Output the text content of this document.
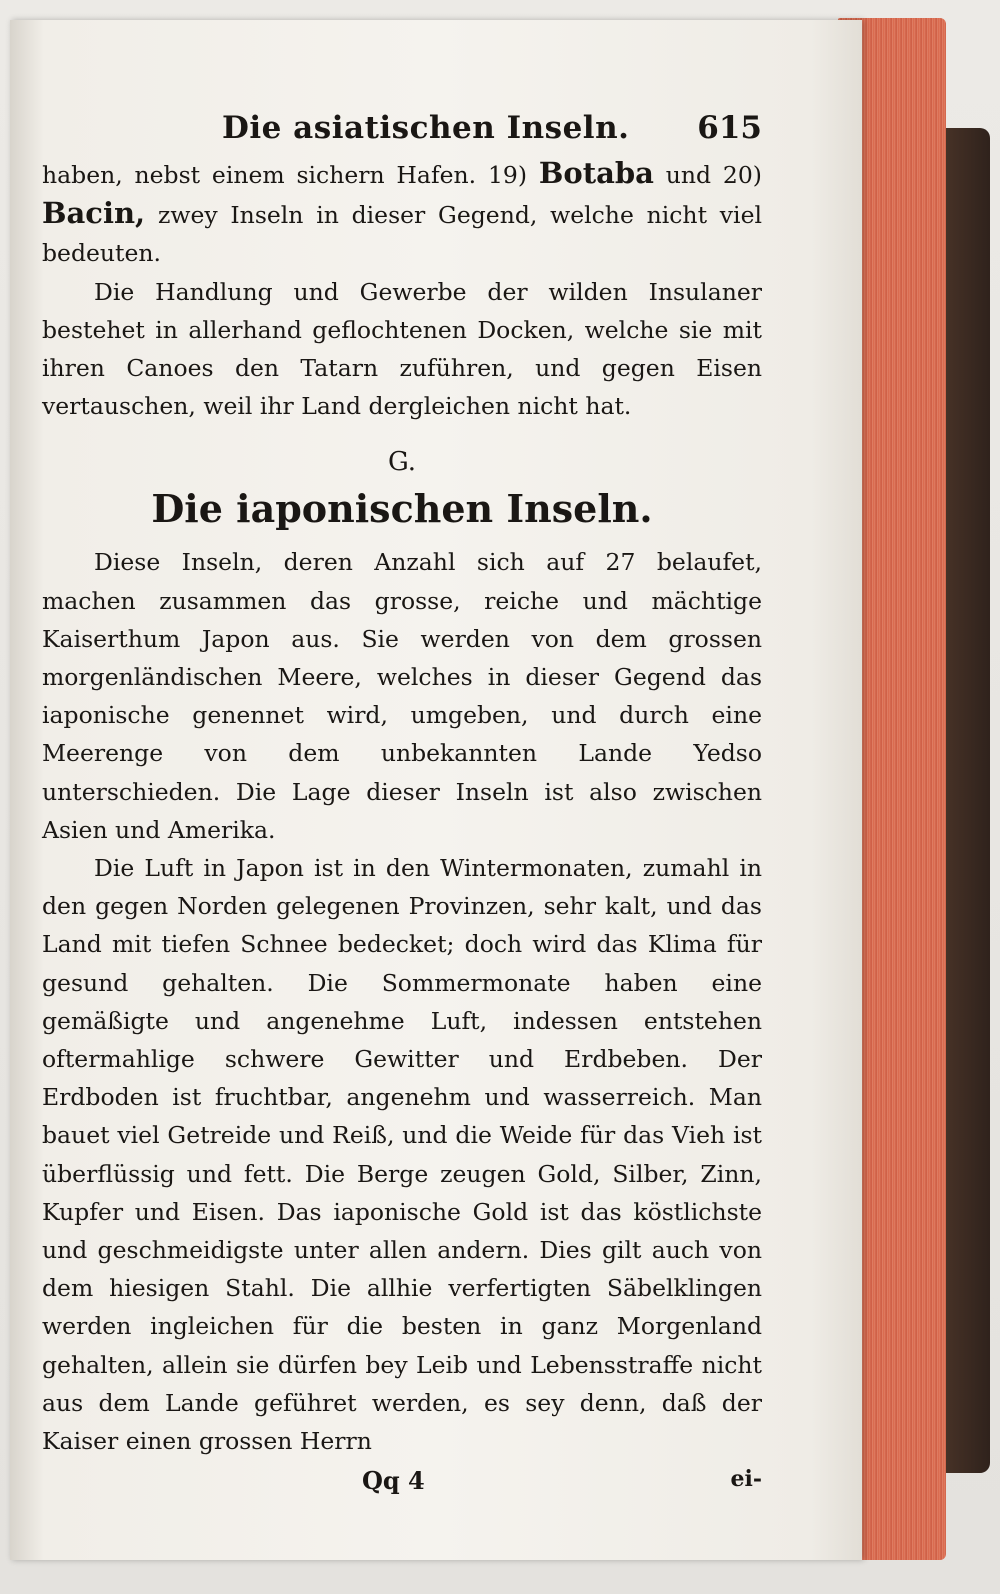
Die asiatischen Inseln. 615

haben, nebst einem sichern Hafen. 19) Botaba und 20) Bacin, zwey Inseln in dieser Gegend, welche nicht viel bedeuten.

Die Handlung und Gewerbe der wilden Insulaner bestehet in allerhand geflochtenen Docken, welche sie mit ihren Canoes den Tatarn zuführen, und gegen Eisen vertauschen, weil ihr Land dergleichen nicht hat.

G.
Die iaponischen Inseln.

Diese Inseln, deren Anzahl sich auf 27 belaufet, machen zusammen das grosse, reiche und mächtige Kaiserthum Japon aus. Sie werden von dem grossen morgenländischen Meere, welches in dieser Gegend das iaponische genennet wird, umgeben, und durch eine Meerenge von dem unbekannten Lande Yedso unterschieden. Die Lage dieser Inseln ist also zwischen Asien und Amerika.

Die Luft in Japon ist in den Wintermonaten, zumahl in den gegen Norden gelegenen Provinzen, sehr kalt, und das Land mit tiefen Schnee bedecket; doch wird das Klima für gesund gehalten. Die Sommermonate haben eine gemäßigte und angenehme Luft, indessen entstehen oftermahlige schwere Gewitter und Erdbeben. Der Erdboden ist fruchtbar, angenehm und wasserreich. Man bauet viel Getreide und Reiß, und die Weide für das Vieh ist überflüssig und fett. Die Berge zeugen Gold, Silber, Zinn, Kupfer und Eisen. Das iaponische Gold ist das köstlichste und geschmeidigste unter allen andern. Dies gilt auch von dem hiesigen Stahl. Die allhie verfertigten Säbelklingen werden ingleichen für die besten in ganz Morgenland gehalten, allein sie dürfen bey Leib und Lebensstraffe nicht aus dem Lande geführet werden, es sey denn, daß der Kaiser einen grossen Herrn

Qq 4	ei-
